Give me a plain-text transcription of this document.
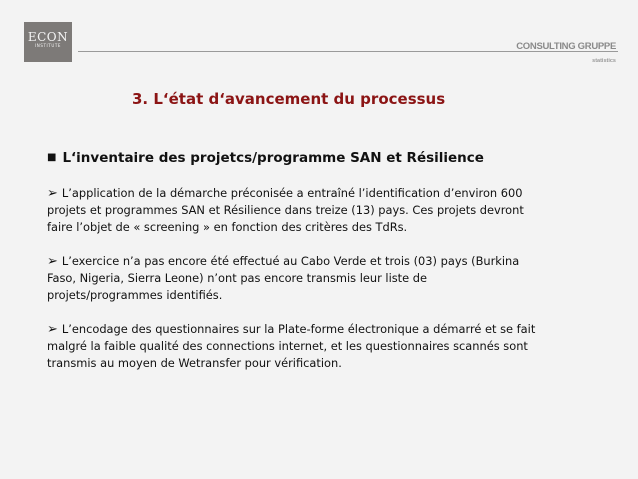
ECON
INSTITUTE	CONSULTING GRUPPE
statistics
3. L‘état d‘avancement du processus
■ L‘inventaire des projetcs/programme SAN et Résilience

➢ L’application de la démarche préconisée a entraîné l’identification d’environ 600
projets et programmes SAN et Résilience dans treize (13) pays. Ces projets devront
faire l’objet de « screening » en fonction des critères des TdRs.

➢ L’exercice n’a pas encore été effectué au Cabo Verde et trois (03) pays (Burkina
Faso, Nigeria, Sierra Leone) n’ont pas encore transmis leur liste de
projets/programmes identifiés.

➢ L’encodage des questionnaires sur la Plate-forme électronique a démarré et se fait
malgré la faible qualité des connections internet, et les questionnaires scannés sont
transmis au moyen de Wetransfer pour vérification.
